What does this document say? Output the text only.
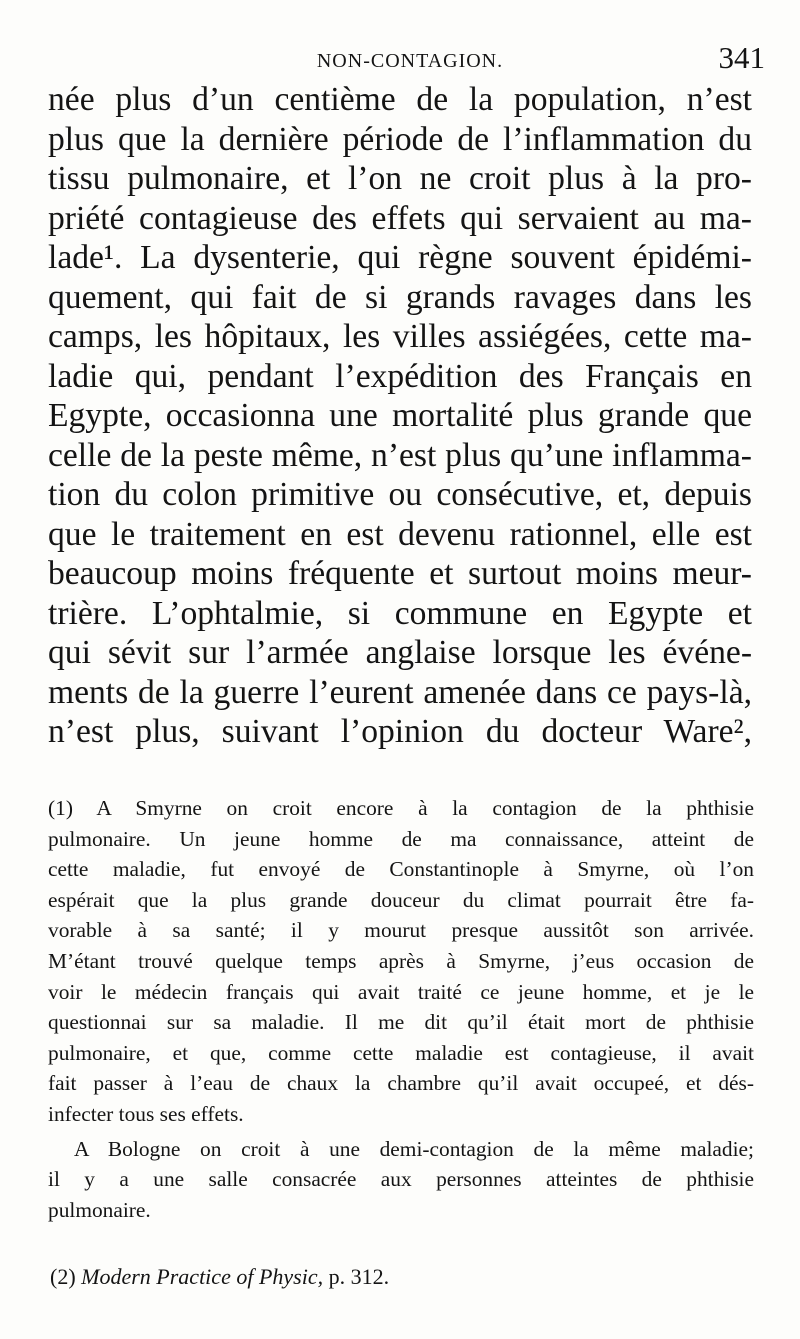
NON-CONTAGION.	341
née plus d’un centième de la population, n’est
plus que la dernière période de l’inflammation du
tissu pulmonaire, et l’on ne croit plus à la pro-
priété contagieuse des effets qui servaient au ma-
lade¹. La dysenterie, qui règne souvent épidémi-
quement, qui fait de si grands ravages dans les
camps, les hôpitaux, les villes assiégées, cette ma-
ladie qui, pendant l’expédition des Français en
Egypte, occasionna une mortalité plus grande que
celle de la peste même, n’est plus qu’une inflamma-
tion du colon primitive ou consécutive, et, depuis
que le traitement en est devenu rationnel, elle est
beaucoup moins fréquente et surtout moins meur-
trière. L’ophtalmie, si commune en Egypte et
qui sévit sur l’armée anglaise lorsque les événe-
ments de la guerre l’eurent amenée dans ce pays-là,
n’est plus, suivant l’opinion du docteur Ware²,
(1) A Smyrne on croit encore à la contagion de la phthisie
pulmonaire. Un jeune homme de ma connaissance, atteint de
cette maladie, fut envoyé de Constantinople à Smyrne, où l’on
espérait que la plus grande douceur du climat pourrait être fa-
vorable à sa santé; il y mourut presque aussitôt son arrivée.
M’étant trouvé quelque temps après à Smyrne, j’eus occasion de
voir le médecin français qui avait traité ce jeune homme, et je le
questionnai sur sa maladie. Il me dit qu’il était mort de phthisie
pulmonaire, et que, comme cette maladie est contagieuse, il avait
fait passer à l’eau de chaux la chambre qu’il avait occupeé, et dés-
infecter tous ses effets.
A Bologne on croit à une demi-contagion de la même maladie;
il y a une salle consacrée aux personnes atteintes de phthisie
pulmonaire.
(2) Modern Practice of Physic, p. 312.
